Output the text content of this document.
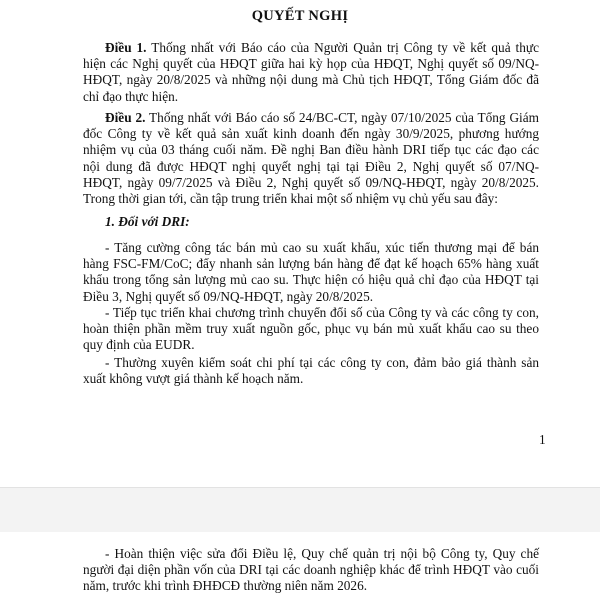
QUYẾT NGHỊ

Điều 1. Thống nhất với Báo cáo của Người Quản trị Công ty về kết quả thực hiện các Nghị quyết của HĐQT giữa hai kỳ họp của HĐQT, Nghị quyết số 09/NQ-HĐQT, ngày 20/8/2025 và những nội dung mà Chủ tịch HĐQT, Tổng Giám đốc đã chỉ đạo thực hiện.

Điều 2. Thống nhất với Báo cáo số 24/BC-CT, ngày 07/10/2025 của Tổng Giám đốc Công ty về kết quả sản xuất kinh doanh đến ngày 30/9/2025, phương hướng nhiệm vụ của 03 tháng cuối năm. Đề nghị Ban điều hành DRI tiếp tục các đạo các nội dung đã được HĐQT nghị quyết nghị tại tại Điều 2, Nghị quyết số 07/NQ-HĐQT, ngày 09/7/2025 và Điều 2, Nghị quyết số 09/NQ-HĐQT, ngày 20/8/2025. Trong thời gian tới, cần tập trung triển khai một số nhiệm vụ chủ yếu sau đây:

1. Đối với DRI:

- Tăng cường công tác bán mủ cao su xuất khẩu, xúc tiến thương mại để bán hàng FSC-FM/CoC; đẩy nhanh sản lượng bán hàng để đạt kế hoạch 65% hàng xuất khẩu trong tổng sản lượng mủ cao su. Thực hiện có hiệu quả chỉ đạo của HĐQT tại Điều 3, Nghị quyết số 09/NQ-HĐQT, ngày 20/8/2025.

- Tiếp tục triển khai chương trình chuyển đổi số của Công ty và các công ty con, hoàn thiện phần mềm truy xuất nguồn gốc, phục vụ bán mủ xuất khẩu cao su theo quy định của EUDR.

- Thường xuyên kiểm soát chi phí tại các công ty con, đảm bảo giá thành sản xuất không vượt giá thành kế hoạch năm.

1

- Hoàn thiện việc sửa đổi Điều lệ, Quy chế quản trị nội bộ Công ty, Quy chế người đại diện phần vốn của DRI tại các doanh nghiệp khác để trình HĐQT vào cuối năm, trước khi trình ĐHĐCĐ thường niên năm 2026.
